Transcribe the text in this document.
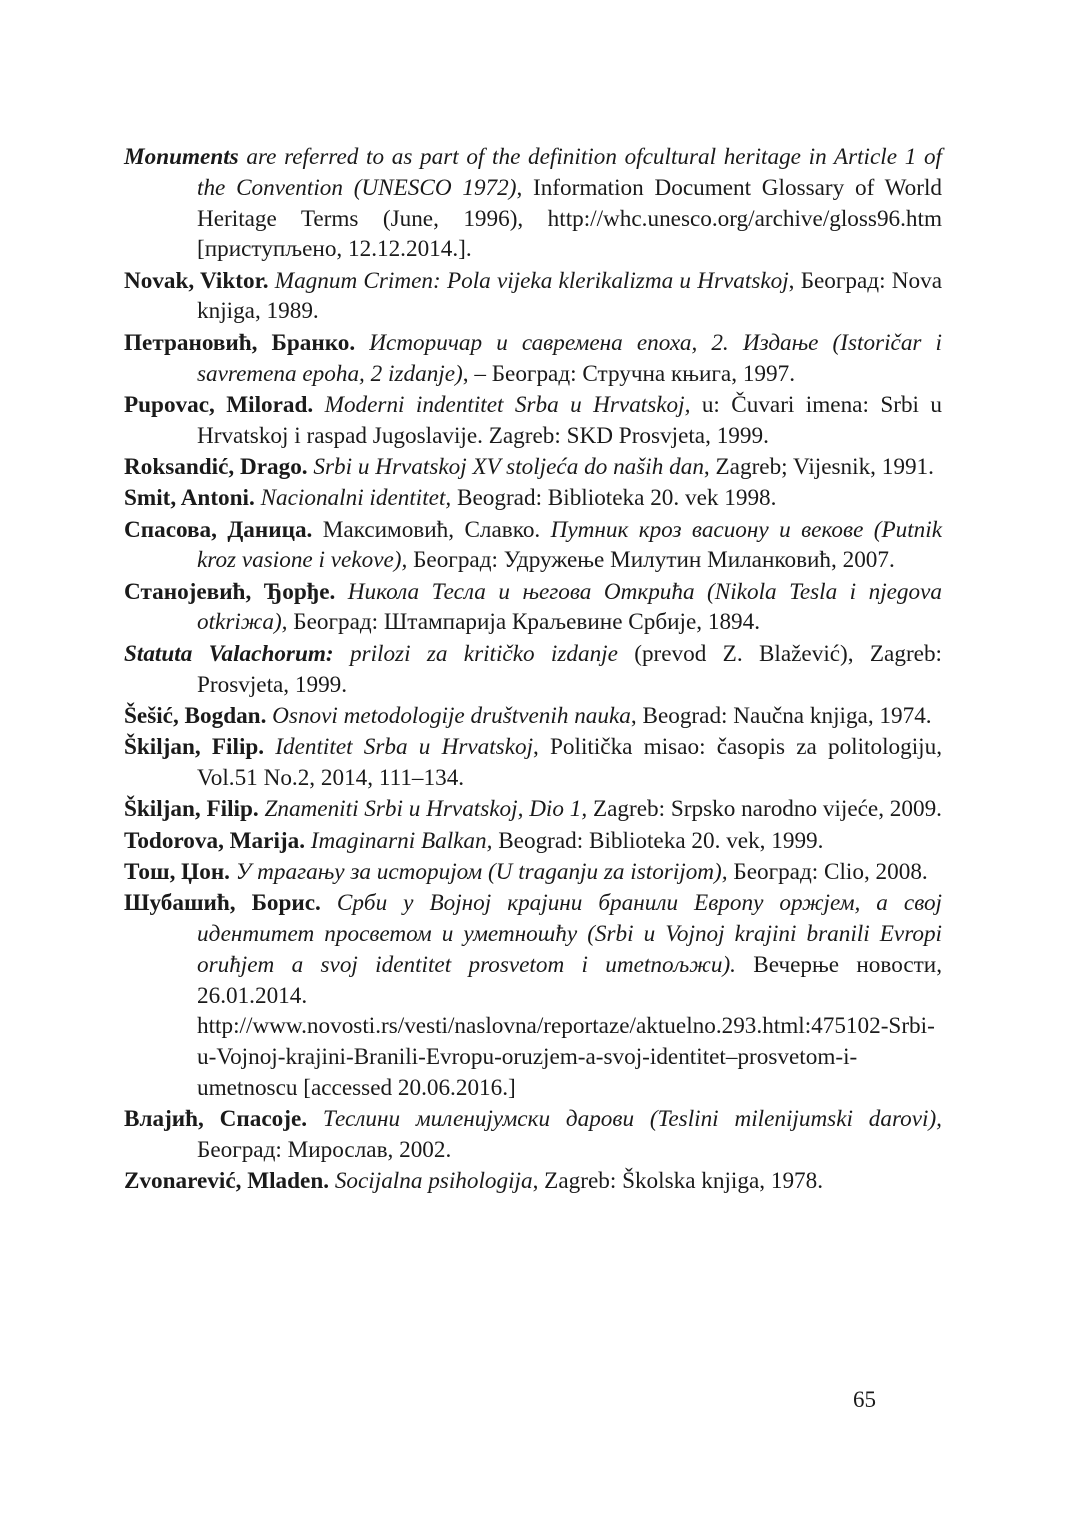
Monuments are referred to as part of the definition ofcultural heritage in Article 1 of the Convention (UNESCO 1972), Information Document Glossary of World Heritage Terms (June, 1996), http://whc.unesco.org/archive/gloss96.htm [приступљено, 12.12.2014.].
Novak, Viktor. Magnum Crimen: Pola vijeka klerikalizma u Hrvatskoj, Београд: Nova knjiga, 1989.
Петрановић, Бранко. Историчар и савремена епоха, 2. Издање (Istoričar i savremena epoha, 2 izdanje), – Београд: Стручна књига, 1997.
Pupovac, Milorad. Moderni indentitet Srba u Hrvatskoj, u: Čuvari imena: Srbi u Hrvatskoj i raspad Jugoslavije. Zagreb: SKD Prosvjeta, 1999.
Roksandić, Drago. Srbi u Hrvatskoj XV stoljeća do naših dan, Zagreb; Vijesnik, 1991.
Smit, Antoni. Nacionalni identitet, Beograd: Biblioteka 20. vek 1998.
Спасова, Даница. Максимовић, Славко. Путник кроз васиону и векове (Putnik kroz vasione i vekove), Београд: Удружење Милутин Миланковић, 2007.
Станојевић, Ђорђе. Никола Тесла и његова Открића (Nikola Tesla i njegova otkriжa), Београд: Штампарија Краљевине Србије, 1894.
Statuta Valachorum: prilozi za kritičko izdanje (prevod Z. Blažević), Zagreb: Prosvjeta, 1999.
Šešić, Bogdan. Osnovi metodologije društvenih nauka, Beograd: Naučna knjiga, 1974.
Škiljan, Filip. Identitet Srba u Hrvatskoj, Politička misao: časopis za politologiju, Vol.51 No.2, 2014, 111–134.
Škiljan, Filip. Znameniti Srbi u Hrvatskoj, Dio 1, Zagreb: Srpsko narodno vijeće, 2009.
Todorova, Marija. Imaginarni Balkan, Beograd: Biblioteka 20. vek, 1999.
Тош, Џон. У трагању за историјом (U traganju za istorijom), Београд: Clio, 2008.
Шубашић, Борис. Срби у Војној крајини бранили Европу оржјем, а свој идентитет просветом и уметношћу (Srbi u Vojnoj krajini branili Evropi oruћjem a svoj identitet prosvetom i umetnoљжи). Вечерње новости, 26.01.2014. http://www.novosti.rs/vesti/naslovna/reportaze/aktuelno.293.html:475102-Srbi-u-Vojnoj-krajini-Branili-Evropu-oruzjem-a-svoj-identitet–prosvetom-i-umetnoscu [accessed 20.06.2016.]
Влајић, Спасоје. Теслини миленијумски дарови (Teslini milenijumski darovi), Београд: Мирослав, 2002.
Zvonarević, Mladen. Socijalna psihologija, Zagreb: Školska knjiga, 1978.
65
